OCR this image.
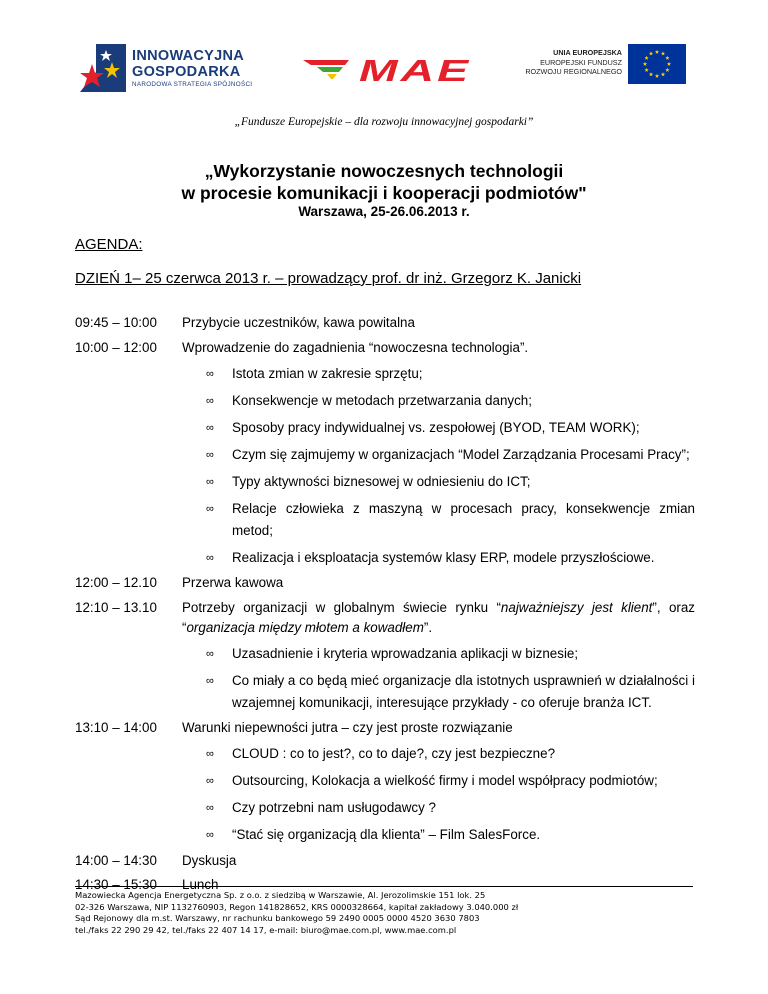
INNOWACYJNA
GOSPODARKA
NARODOWA STRATEGIA SPÓJNOŚCI	MAE
UNIA EUROPEJSKA
EUROPEJSKI FUNDUSZ
ROZWOJU REGIONALNEGO
„Fundusze Europejskie – dla rozwoju innowacyjnej gospodarki”
„Wykorzystanie nowoczesnych technologii
w procesie komunikacji i kooperacji podmiotów"
Warszawa, 25-26.06.2013 r.
AGENDA:
DZIEŃ 1– 25 czerwca 2013 r. – prowadzący prof. dr inż. Grzegorz K. Janicki
09:45 – 10:00 Przybycie uczestników, kawa powitalna
10:00 – 12:00 Wprowadzenie do zagadnienia “nowoczesna technologia”.
∞ Istota zmian w zakresie sprzętu;
∞ Konsekwencje w metodach przetwarzania danych;
∞ Sposoby pracy indywidualnej vs. zespołowej (BYOD, TEAM WORK);
∞ Czym się zajmujemy w organizacjach “Model Zarządzania Procesami Pracy”;
∞ Typy aktywności biznesowej w odniesieniu do ICT;
∞ Relacje człowieka z maszyną w procesach pracy, konsekwencje zmian metod;
∞ Realizacja i eksploatacja systemów klasy ERP, modele przyszłościowe.
12:00 – 12.10 Przerwa kawowa
12:10 – 13.10 Potrzeby organizacji w globalnym świecie rynku “najważniejszy jest klient”, oraz “organizacja między młotem a kowadłem”.
∞ Uzasadnienie i kryteria wprowadzania aplikacji w biznesie;
∞ Co miały a co będą mieć organizacje dla istotnych usprawnień w działalności i wzajemnej komunikacji, interesujące przykłady - co oferuje branża ICT.
13:10 – 14:00 Warunki niepewności jutra – czy jest proste rozwiązanie
∞ CLOUD : co to jest?, co to daje?, czy jest bezpieczne?
∞ Outsourcing, Kolokacja a wielkość firmy i model współpracy podmiotów;
∞ Czy potrzebni nam usługodawcy ?
∞ “Stać się organizacją dla klienta” – Film SalesForce.
14:00 – 14:30 Dyskusja
14:30 – 15:30 Lunch
Mazowiecka Agencja Energetyczna Sp. z o.o. z siedzibą w Warszawie, Al. Jerozolimskie 151 lok. 25
02-326 Warszawa, NIP 1132760903, Regon 141828652, KRS 0000328664, kapitał zakładowy 3.040.000 zł
Sąd Rejonowy dla m.st. Warszawy, nr rachunku bankowego 59 2490 0005 0000 4520 3630 7803
tel./faks 22 290 29 42, tel./faks 22 407 14 17, e-mail: biuro@mae.com.pl, www.mae.com.pl
